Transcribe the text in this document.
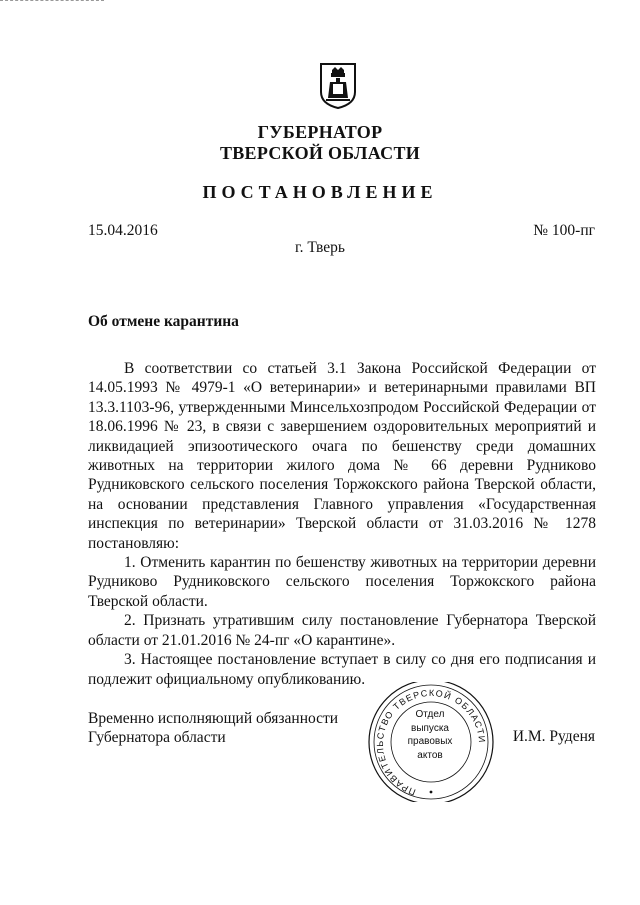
ГУБЕРНАТОР
ТВЕРСКОЙ ОБЛАСТИ
ПОСТАНОВЛЕНИЕ
15.04.2016	№ 100-пг
г. Тверь
Об отмене карантина

В соответствии со статьей 3.1 Закона Российской Федерации от 14.05.1993 № 4979-1 «О ветеринарии» и ветеринарными правилами ВП 13.3.1103-96, утвержденными Минсельхозпродом Российской Федерации от 18.06.1996 № 23, в связи с завершением оздоровительных мероприятий и ликвидацией эпизоотического очага по бешенству среди домашних животных на территории жилого дома № 66 деревни Рудниково Рудниковского сельского поселения Торжокского района Тверской области, на основании представления Главного управления «Государственная инспекция по ветеринарии» Тверской области от 31.03.2016 № 1278 постановляю:

1. Отменить карантин по бешенству животных на территории деревни Рудниково Рудниковского сельского поселения Торжокского района Тверской области.

2. Признать утратившим силу постановление Губернатора Тверской области от 21.01.2016 № 24-пг «О карантине».

3. Настоящее постановление вступает в силу со дня его подписания и подлежит официальному опубликованию.

Временно исполняющий обязанности
Губернатора области
ПРАВИТЕЛЬСТВО ТВЕРСКОЙ ОБЛАСТИ
Отдел
выпуска
правовых
актов
И.М. Руденя
